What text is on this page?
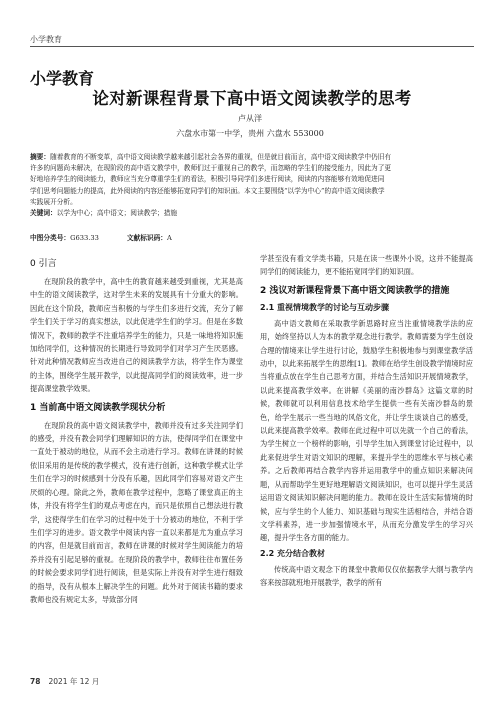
小学教育
小学教育
论对新课程背景下高中语文阅读教学的思考
卢从洋
六盘水市第一中学，贵州 六盘水 553000
摘要：随着教育的不断变革，高中语文阅读教学越来越引起社会各界的重视，但是就目前而言，高中语文阅读教学中仍旧有
许多的问题尚未解决，在现阶段的高中语文教学中，教师们过于重视自己的教学，而忽略的学生们的接受能力，因此为了更
好地培养学生的阅读能力，教师应当充分尊重学生们的看法，积极引导同学们多进行阅读，阅读的内容能够有效地促进同
学们思考问题能力的提高，此外阅读的内容还能够拓宽同学们的知识面。本文主要围绕“以学为中心”的高中语文阅读教学
实践展开分析。
关键词：以学为中心；高中语文；阅读教学；措施
中图分类号：G633.33	文献标识码：A
0 引言

在现阶段的教学中，高中生的教育越来越受到重视，尤其是高中生的语文阅读教学，这对学生未来的发展具有十分重大的影响。因此在这个阶段，教师应当积极的与学生们多进行交流，充分了解学生们关于学习的真实想法，以此促进学生们的学习。但是在多数情况下，教师的教学不注重培养学生的能力，只是一味地将知识施加给同学们，这种情况的长期进行导致同学们对学习产生厌恶感。针对此种情况教师应当改进自己的阅读教学方法，将学生作为课堂的主体，围绕学生展开教学，以此提高同学们的阅读效率，进一步提高课堂教学效果。

1 当前高中语文阅读教学现状分析

在现阶段的高中语文阅读教学中，教师并没有过多关注同学们的感受，并没有教会同学们理解知识的方法，使得同学们在课堂中一直处于被动的地位，从而不会主动进行学习。教师在讲课的时候依旧采用的是传统的教学模式，没有进行创新，这种教学模式让学生们在学习的时候感到十分没有乐趣，因此同学们容易对语文产生厌烦的心理。除此之外，教师在教学过程中，忽略了课堂真正的主体，并没有将学生们的观点考虑在内，而只是依照自己想法进行教学，这使得学生们在学习的过程中处于十分被动的地位，不利于学生们学习的进步。语文教学中阅读内容一直以来都是尤为重点学习的内容，但是就目前而言，教师在讲课的时候对学生阅读能力的培养并没有引起足够的重视。在现阶段的教学中，教师往往布置任务的时候会要求同学们进行阅读，但是实际上并没有对学生进行细致的指导，没有从根本上解决学生的问题。此外对于阅读书籍的要求教师也没有规定太多，导致部分同

学甚至没有看文学类书籍，只是在读一些课外小说，这并不能提高同学们的阅读能力，更不能拓宽同学们的知识面。

2 浅议对新课程背景下高中语文阅读教学的措施
2.1 重视情境教学的讨论与互动步骤

高中语文教师在采取教学新思路时应当注重情境教学法的应用，始终坚持以人为本的教学观念进行教学。教师需要为学生创设合理的情境来让学生进行讨论，鼓励学生积极地参与到课堂教学活动中，以此来拓展学生的思维[1]。教师在给学生创设教学情境时应当将重点放在学生自己思考方面，并结合生活知识开展情境教学，以此来提高教学效率。在讲解《美丽的南沙群岛》这篇文章的时候，教师就可以利用信息技术给学生提供一些有关南沙群岛的景色，给学生展示一些当地的风俗文化，并让学生谈谈自己的感受，以此来提高教学效率。教师在此过程中可以先就一个自己的看法，为学生树立一个榜样的影响，引导学生加入到课堂讨论过程中，以此来促进学生对语文知识的理解，来提升学生的思维水平与核心素养。之后教师再结合教学内容并运用教学中的重点知识来解决问题，从而帮助学生更好地理解语文阅读知识，也可以提升学生灵活运用语文阅读知识解决问题的能力。教师在设计生活实际情境的时候，应与学生的个人能力、知识基础与现实生活相结合，并结合语文学科素养，进一步加强情境水平，从而充分激发学生的学习兴趣，提升学生各方面的能力。

2.2 充分结合教材

传统高中语文观念下的课堂中教师仅仅依据教学大纲与教学内容来按部就班地开展教学，教学的所有

78 2021 年 12 月
